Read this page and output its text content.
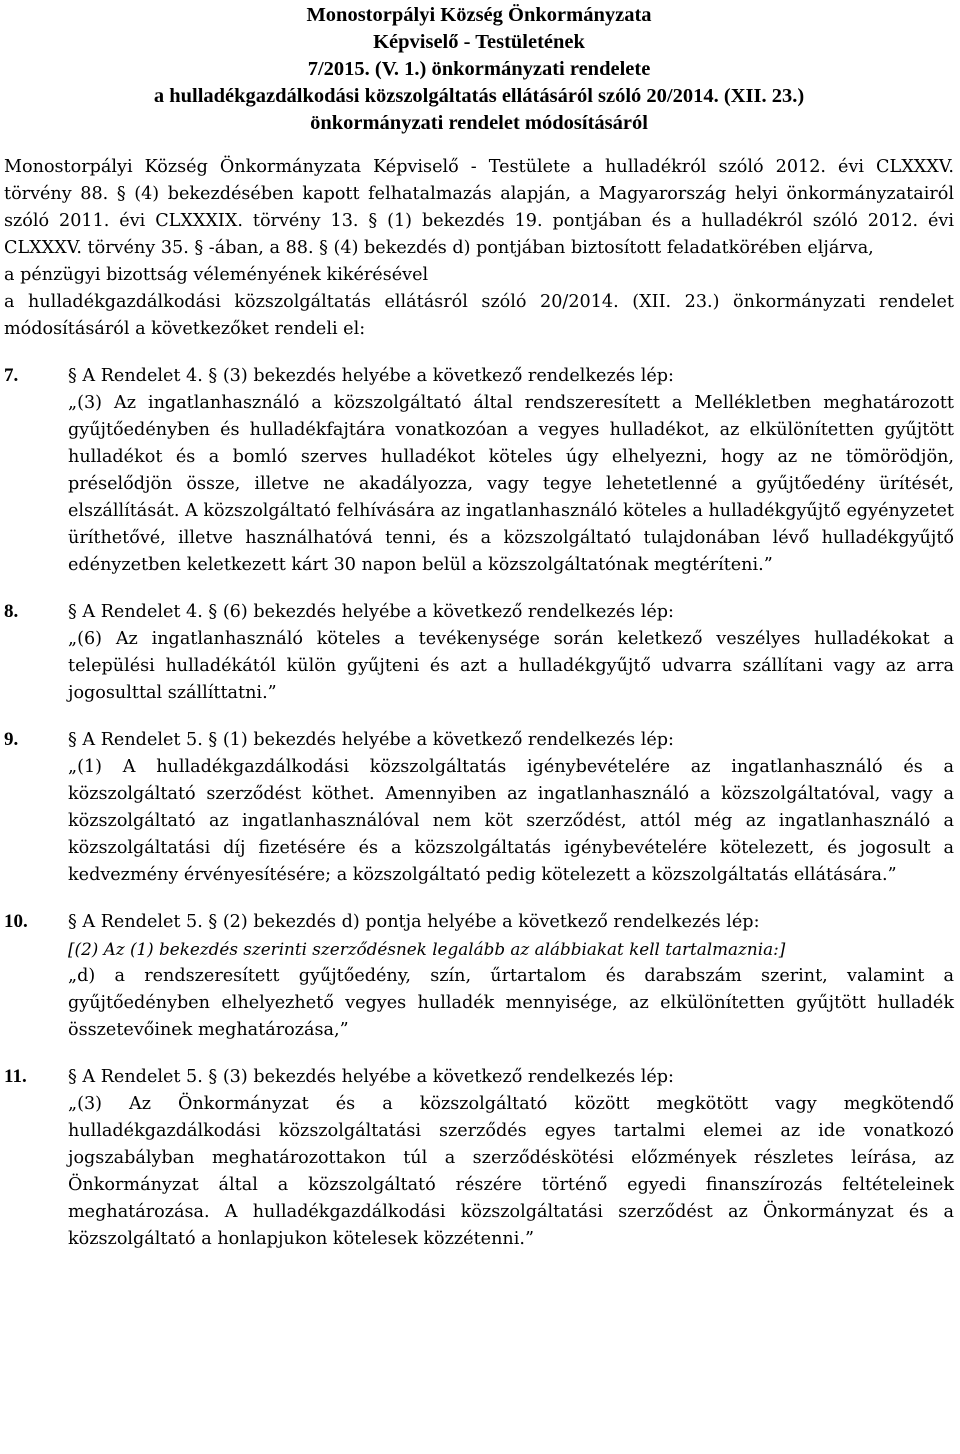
Monostorpályi Község Önkormányzata
Képviselő - Testületének
7/2015. (V. 1.) önkormányzati rendelete
a hulladékgazdálkodási közszolgáltatás ellátásáról szóló 20/2014. (XII. 23.)
önkormányzati rendelet módosításáról

Monostorpályi Község Önkormányzata Képviselő - Testülete a hulladékról szóló 2012. évi CLXXXV. törvény 88. § (4) bekezdésében kapott felhatalmazás alapján, a Magyarország helyi önkormányzatairól szóló 2011. évi CLXXXIX. törvény 13. § (1) bekezdés 19. pontjában és a hulladékról szóló 2012. évi CLXXXV. törvény 35. § -ában, a 88. § (4) bekezdés d) pontjában biztosított feladatkörében eljárva,

a pénzügyi bizottság véleményének kikérésével

a hulladékgazdálkodási közszolgáltatás ellátásról szóló 20/2014. (XII. 23.) önkormányzati rendelet módosításáról a következőket rendeli el:

7.	§ A Rendelet 4. § (3) bekezdés helyébe a következő rendelkezés lép:
„(3) Az ingatlanhasználó a közszolgáltató által rendszeresített a Mellékletben meghatározott gyűjtőedényben és hulladékfajtára vonatkozóan a vegyes hulladékot, az elkülönítetten gyűjtött hulladékot és a bomló szerves hulladékot köteles úgy elhelyezni, hogy az ne tömörödjön, préselődjön össze, illetve ne akadályozza, vagy tegye lehetetlenné a gyűjtőedény ürítését, elszállítását. A közszolgáltató felhívására az ingatlanhasználó köteles a hulladékgyűjtő egyényzetet üríthetővé, illetve használhatóvá tenni, és a közszolgáltató tulajdonában lévő hulladékgyűjtő edényzetben keletkezett kárt 30 napon belül a közszolgáltatónak megtéríteni.”
8.	§ A Rendelet 4. § (6) bekezdés helyébe a következő rendelkezés lép:
„(6) Az ingatlanhasználó köteles a tevékenysége során keletkező veszélyes hulladékokat a települési hulladékától külön gyűjteni és azt a hulladékgyűjtő udvarra szállítani vagy az arra jogosulttal szállíttatni.”
9.	§ A Rendelet 5. § (1) bekezdés helyébe a következő rendelkezés lép:
„(1) A hulladékgazdálkodási közszolgáltatás igénybevételére az ingatlanhasználó és a közszolgáltató szerződést köthet. Amennyiben az ingatlanhasználó a közszolgáltatóval, vagy a közszolgáltató az ingatlanhasználóval nem köt szerződést, attól még az ingatlanhasználó a közszolgáltatási díj fizetésére és a közszolgáltatás igénybevételére kötelezett, és jogosult a kedvezmény érvényesítésére; a közszolgáltató pedig kötelezett a közszolgáltatás ellátására.”
10. § A Rendelet 5. § (2) bekezdés d) pontja helyébe a következő rendelkezés lép:
[(2) Az (1) bekezdés szerinti szerződésnek legalább az alábbiakat kell tartalmaznia:]
„d) a rendszeresített gyűjtőedény, szín, űrtartalom és darabszám szerint, valamint a gyűjtőedényben elhelyezhető vegyes hulladék mennyisége, az elkülönítetten gyűjtött hulladék összetevőinek meghatározása,”
11. § A Rendelet 5. § (3) bekezdés helyébe a következő rendelkezés lép:
„(3) Az Önkormányzat és a közszolgáltató között megkötött vagy megkötendő hulladékgazdálkodási közszolgáltatási szerződés egyes tartalmi elemei az ide vonatkozó jogszabályban meghatározottakon túl a szerződéskötési előzmények részletes leírása, az Önkormányzat által a közszolgáltató részére történő egyedi finanszírozás feltételeinek meghatározása. A hulladékgazdálkodási közszolgáltatási szerződést az Önkormányzat és a közszolgáltató a honlapjukon kötelesek közzétenni.”
